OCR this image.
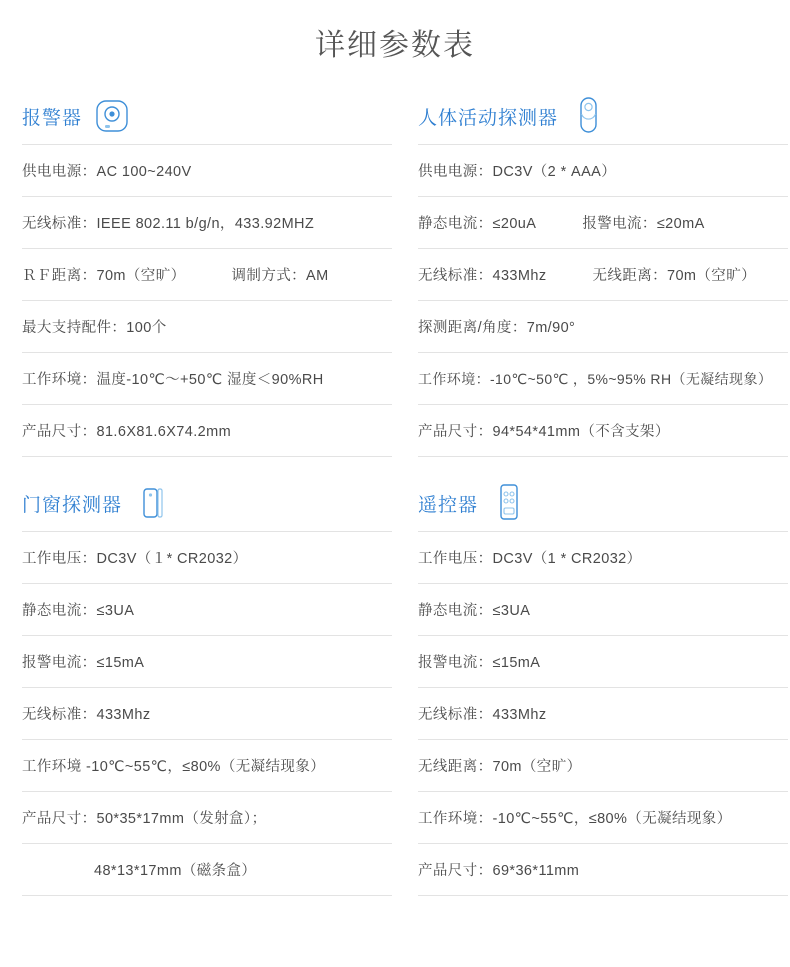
详细参数表
报警器
供电电源：AC 100~240V
无线标准：IEEE 802.11 b/g/n，433.92MHZ
ＲＦ距离：70m（空旷）	调制方式：AM
最大支持配件：100个
工作环境：温度-10℃～+50℃ 湿度＜90%RH
产品尺寸：81.6X81.6X74.2mm
人体活动探测器
供电电源：DC3V（2 * AAA）
静态电流：≤20uA	报警电流：≤20mA
无线标准：433Mhz	无线距离：70m（空旷）
探测距离/角度：7m/90°
工作环境：-10℃~50℃ ，5%~95% RH（无凝结现象）
产品尺寸：94*54*41mm（不含支架）
门窗探测器
工作电压：DC3V（１* CR2032）
静态电流：≤3UA
报警电流：≤15mA
无线标准：433Mhz
工作环境 -10℃~55℃，≤80%（无凝结现象）
产品尺寸：50*35*17mm（发射盒）；
48*13*17mm（磁条盒）
遥控器
工作电压：DC3V（1 * CR2032）
静态电流：≤3UA
报警电流：≤15mA
无线标准：433Mhz
无线距离：70m（空旷）
工作环境：-10℃~55℃，≤80%（无凝结现象）
产品尺寸：69*36*11mm
